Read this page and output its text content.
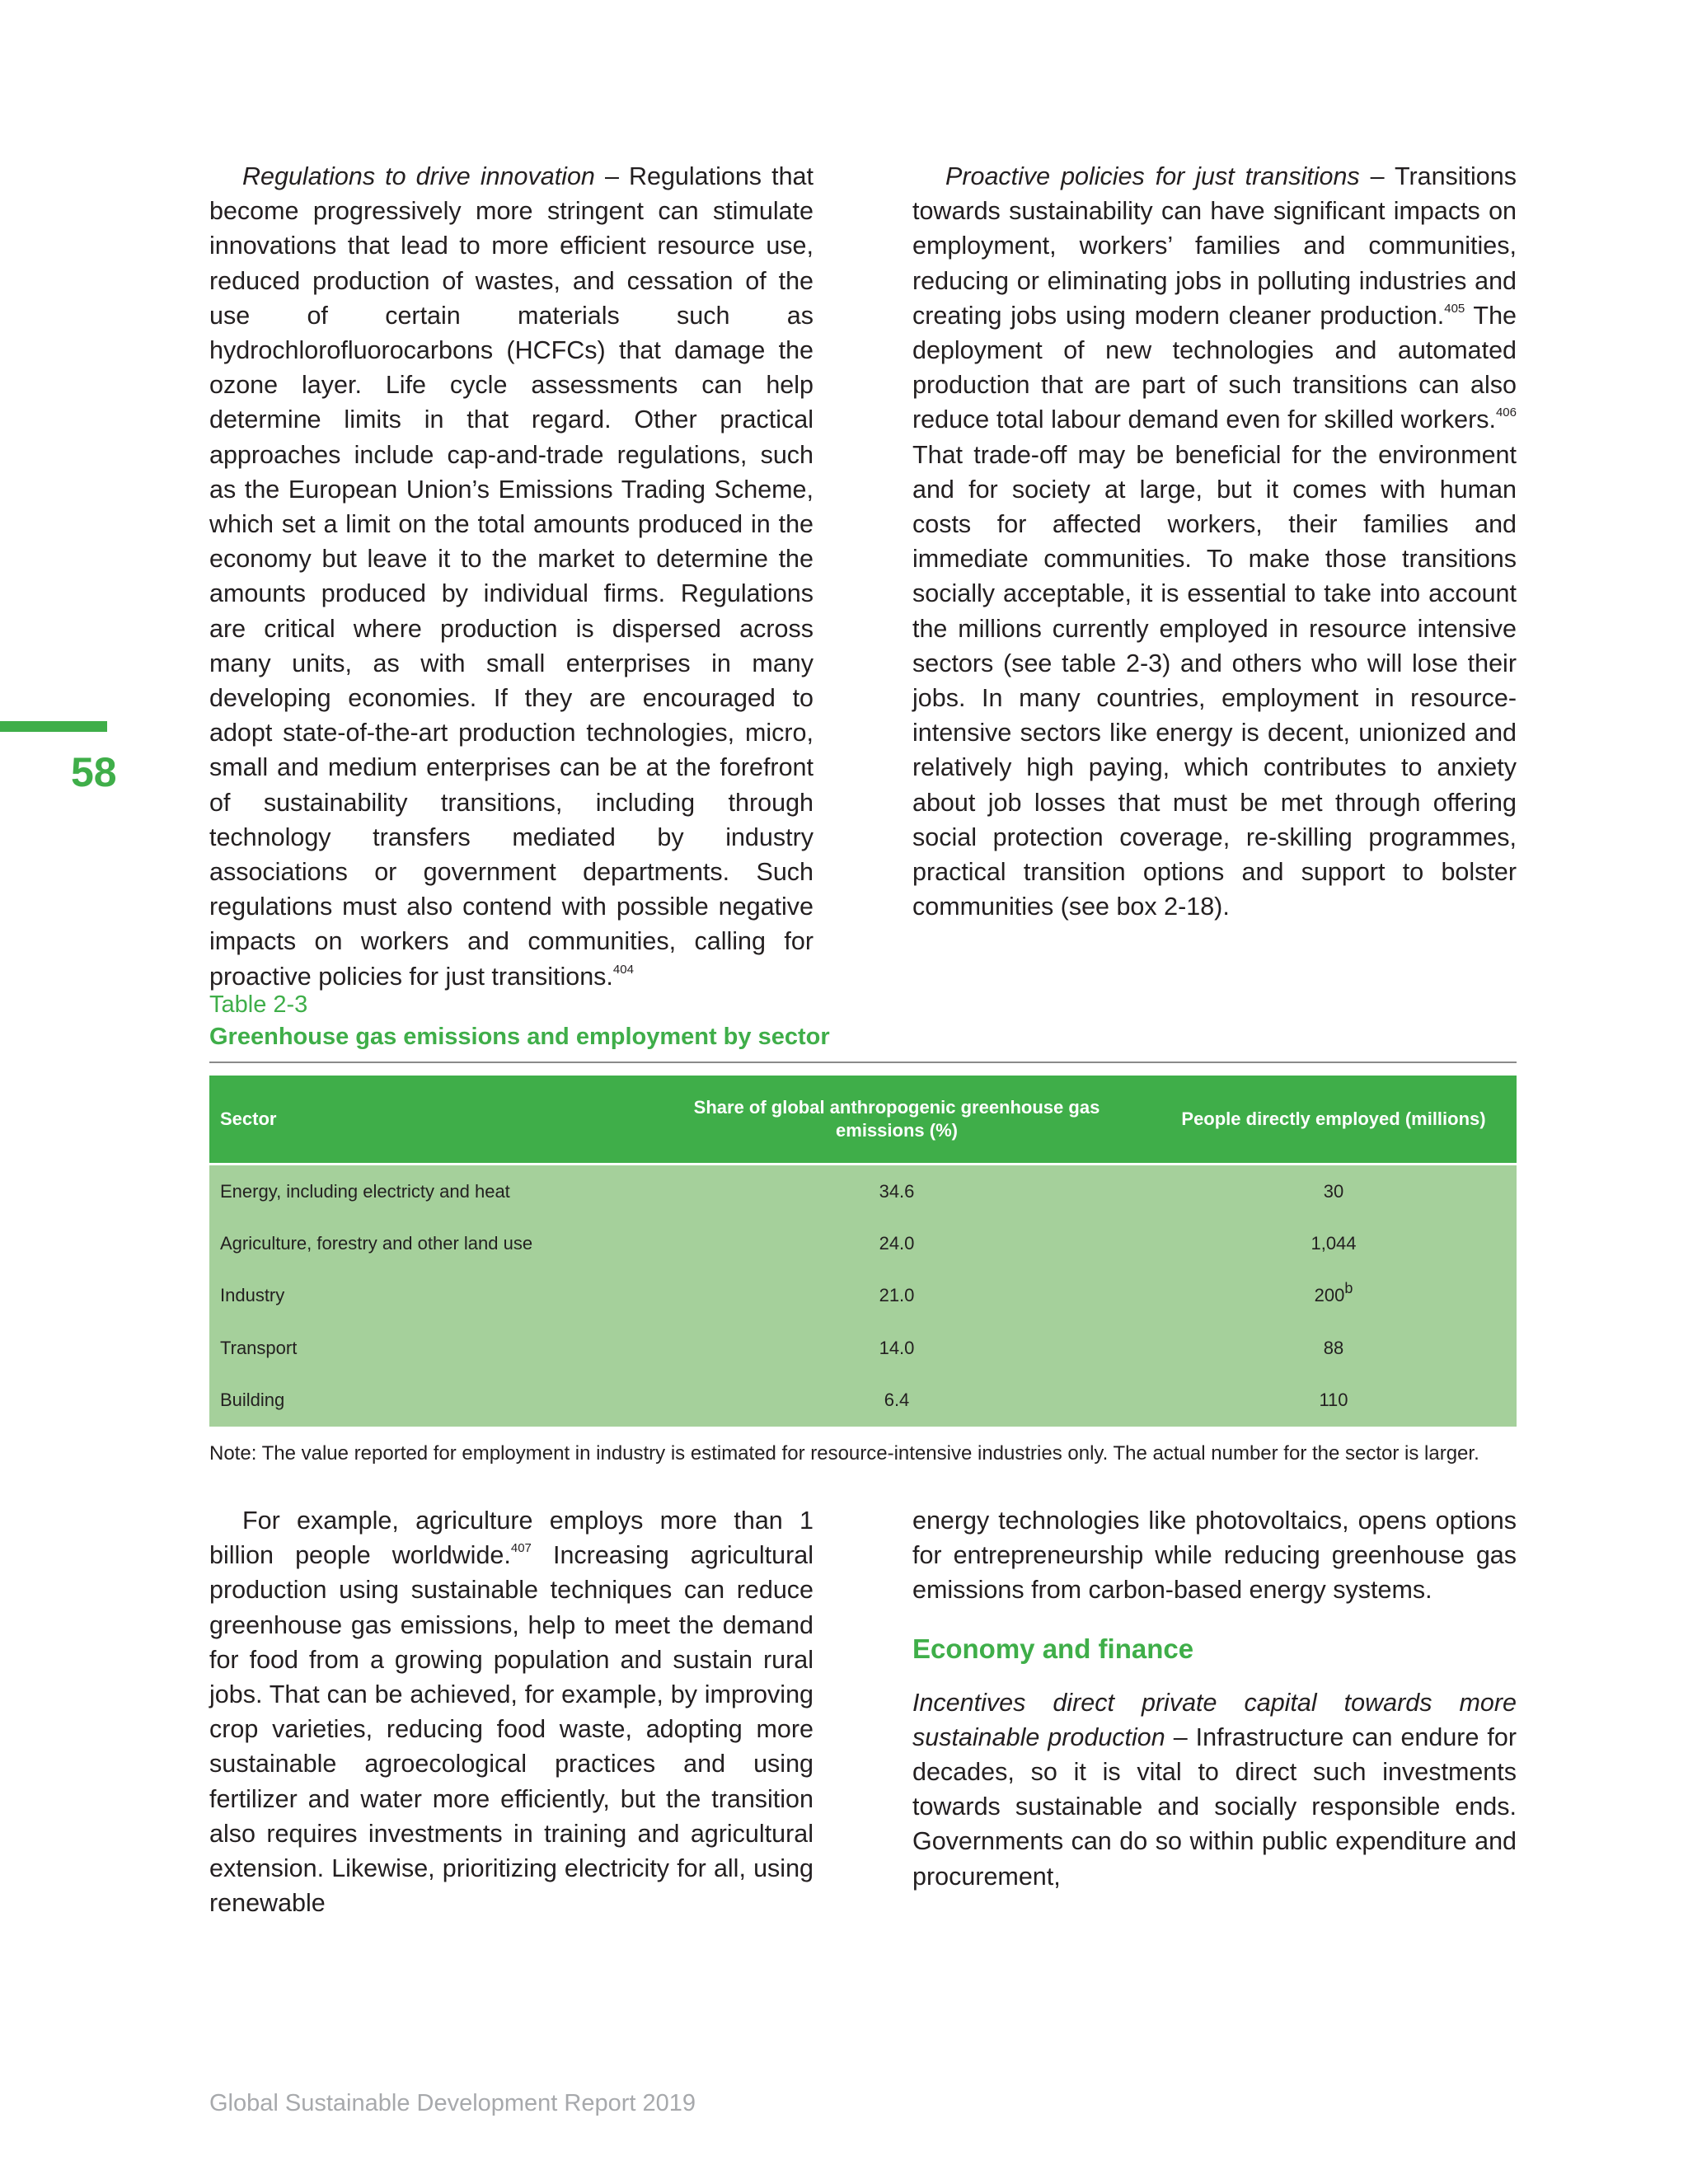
58

Regulations to drive innovation – Regulations that become progressively more stringent can stimulate innovations that lead to more efficient resource use, reduced production of wastes, and cessation of the use of certain materials such as hydrochlorofluorocarbons (HCFCs) that damage the ozone layer. Life cycle assessments can help determine limits in that regard. Other practical approaches include cap-and-trade regulations, such as the European Union’s Emissions Trading Scheme, which set a limit on the total amounts produced in the economy but leave it to the market to determine the amounts produced by individual firms. Regulations are critical where production is dispersed across many units, as with small enterprises in many developing economies. If they are encouraged to adopt state-of-the-art production technologies, micro, small and medium enterprises can be at the forefront of sustainability transitions, including through technology transfers mediated by industry associations or government departments. Such regulations must also contend with possible negative impacts on workers and communities, calling for proactive policies for just transitions.$^{404}$

Proactive policies for just transitions – Transitions towards sustainability can have significant impacts on employment, workers’ families and communities, reducing or eliminating jobs in polluting industries and creating jobs using modern cleaner production.$^{405}$ The deployment of new technologies and automated production that are part of such transitions can also reduce total labour demand even for skilled workers.$^{406}$ That trade-off may be beneficial for the environment and for society at large, but it comes with human costs for affected workers, their families and immediate communities. To make those transitions socially acceptable, it is essential to take into account the millions currently employed in resource intensive sectors (see table 2-3) and others who will lose their jobs. In many countries, employment in resource-intensive sectors like energy is decent, unionized and relatively high paying, which contributes to anxiety about job losses that must be met through offering social protection coverage, re-skilling programmes, practical transition options and support to bolster communities (see box 2-18).

Table 2-3
Greenhouse gas emissions and employment by sector
Sector	Share of global anthropogenic greenhouse gas emissions (%)	People directly employed (millions)
Energy, including electricty and heat	34.6	30
Agriculture, forestry and other land use	24.0	1,044
Industry	21.0	200$^b$
Transport	14.0	88
Building	6.4	110
Note: The value reported for employment in industry is estimated for resource-intensive industries only. The actual number for the sector is larger.

For example, agriculture employs more than 1 billion people worldwide.$^{407}$ Increasing agricultural production using sustainable techniques can reduce greenhouse gas emissions, help to meet the demand for food from a growing population and sustain rural jobs. That can be achieved, for example, by improving crop varieties, reducing food waste, adopting more sustainable agroecological practices and using fertilizer and water more efficiently, but the transition also requires investments in training and agricultural extension. Likewise, prioritizing electricity for all, using renewable

energy technologies like photovoltaics, opens options for entrepreneurship while reducing greenhouse gas emissions from carbon-based energy systems.

Economy and finance

Incentives direct private capital towards more sustainable production – Infrastructure can endure for decades, so it is vital to direct such investments towards sustainable and socially responsible ends. Governments can do so within public expenditure and procurement,

Global Sustainable Development Report 2019
